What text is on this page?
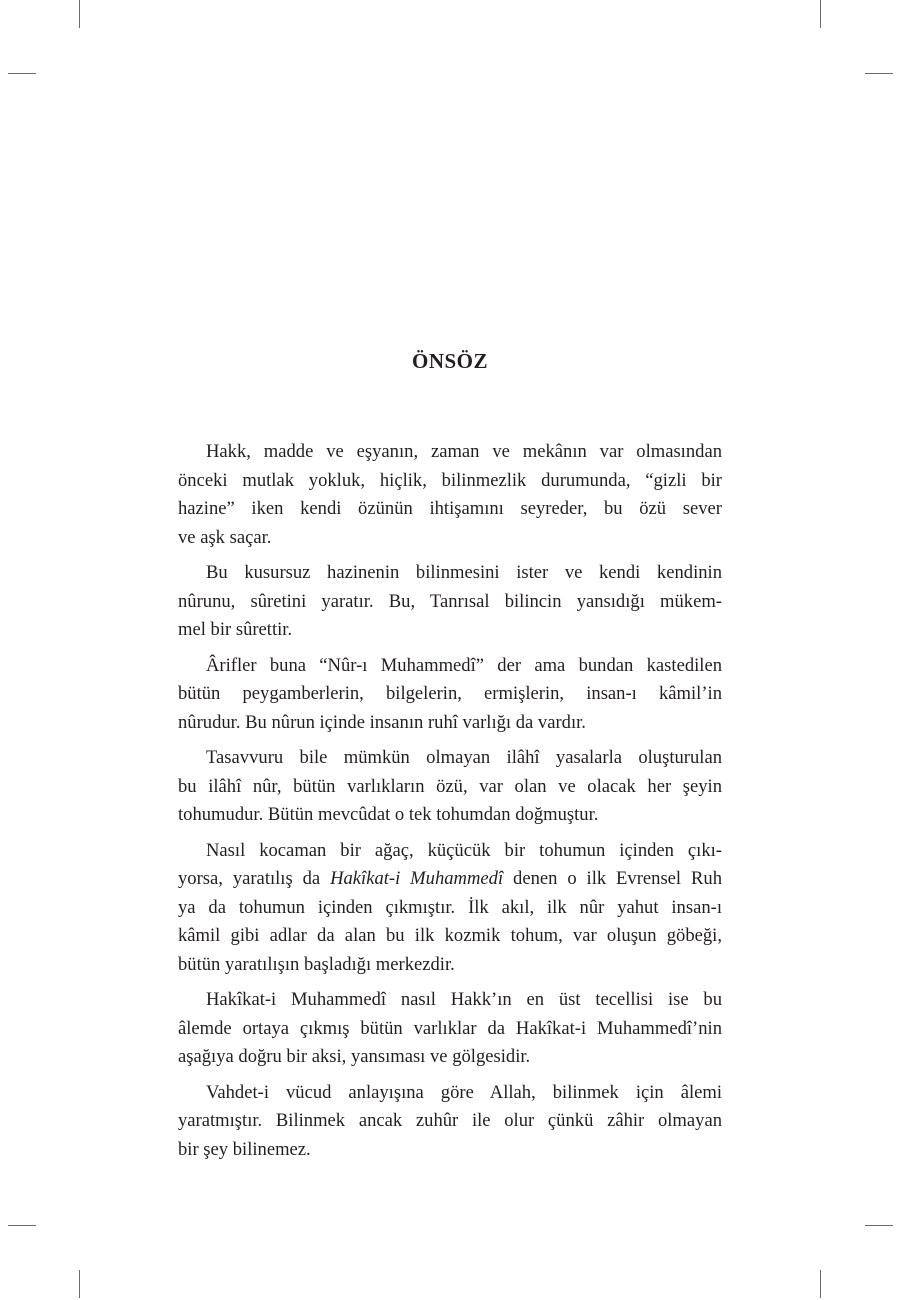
ÖNSÖZ

Hakk, madde ve eşyanın, zaman ve mekânın var olmasından
önceki mutlak yokluk, hiçlik, bilinmezlik durumunda, “gizli bir
hazine” iken kendi özünün ihtişamını seyreder, bu özü sever
ve aşk saçar.

Bu kusursuz hazinenin bilinmesini ister ve kendi kendinin
nûrunu, sûretini yaratır. Bu, Tanrısal bilincin yansıdığı mükem-
mel bir sûrettir.

Ârifler buna “Nûr-ı Muhammedî” der ama bundan kastedilen
bütün peygamberlerin, bilgelerin, ermişlerin, insan-ı kâmil’in
nûrudur. Bu nûrun içinde insanın ruhî varlığı da vardır.

Tasavvuru bile mümkün olmayan ilâhî yasalarla oluşturulan
bu ilâhî nûr, bütün varlıkların özü, var olan ve olacak her şeyin
tohumudur. Bütün mevcûdat o tek tohumdan doğmuştur.

Nasıl kocaman bir ağaç, küçücük bir tohumun içinden çıkı-
yorsa, yaratılış da Hakîkat-i Muhammedî denen o ilk Evrensel Ruh
ya da tohumun içinden çıkmıştır. İlk akıl, ilk nûr yahut insan-ı
kâmil gibi adlar da alan bu ilk kozmik tohum, var oluşun göbeği,
bütün yaratılışın başladığı merkezdir.

Hakîkat-i Muhammedî nasıl Hakk’ın en üst tecellisi ise bu
âlemde ortaya çıkmış bütün varlıklar da Hakîkat-i Muhammedî’nin
aşağıya doğru bir aksi, yansıması ve gölgesidir.

Vahdet-i vücud anlayışına göre Allah, bilinmek için âlemi
yaratmıştır. Bilinmek ancak zuhûr ile olur çünkü zâhir olmayan
bir şey bilinemez.
